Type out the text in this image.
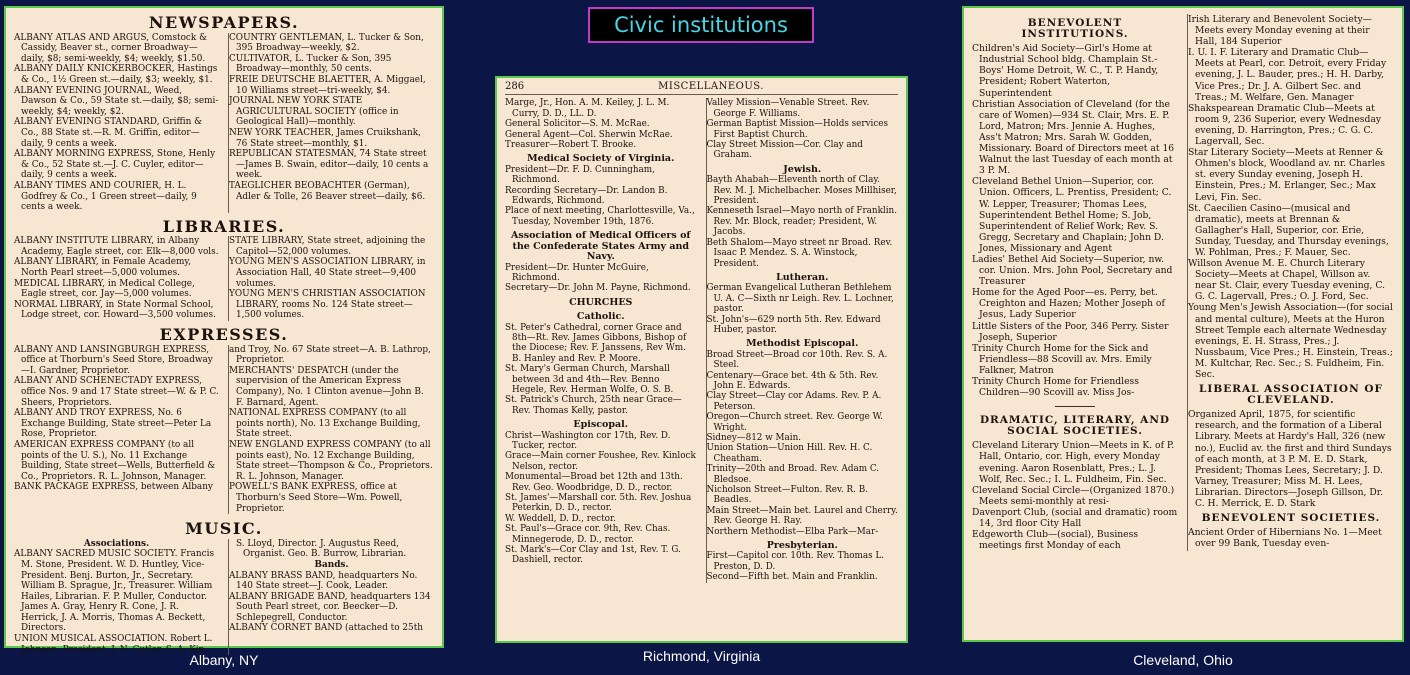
Civic institutions
NEWSPAPERS.
ALBANY ATLAS AND ARGUS, Comstock & Cassidy, Beaver st., corner Broadway—daily, $8; semi-weekly, $4; weekly, $1.50.
ALBANY DAILY KNICKERBOCKER, Hastings & Co., 1½ Green st.—daily, $3; weekly, $1.
ALBANY EVENING JOURNAL, Weed, Dawson & Co., 59 State st.—daily, $8; semi-weekly, $4; weekly, $2.
ALBANY EVENING STANDARD, Griffin & Co., 88 State st.—R. M. Griffin, editor—daily, 9 cents a week.
ALBANY MORNING EXPRESS, Stone, Henly & Co., 52 State st.—J. C. Cuyler, editor—daily, 9 cents a week.
ALBANY TIMES AND COURIER, H. L. Godfrey & Co., 1 Green street—daily, 9 cents a week.
COUNTRY GENTLEMAN, L. Tucker & Son, 395 Broadway—weekly, $2.
CULTIVATOR, L. Tucker & Son, 395 Broadway—monthly, 50 cents.
FREIE DEUTSCHE BLAETTER, A. Miggael, 10 Williams street—tri-weekly, $4.
JOURNAL NEW YORK STATE AGRICULTURAL SOCIETY (office in Geological Hall)—monthly.
NEW YORK TEACHER, James Cruikshank, 76 State street—monthly, $1.
REPUBLICAN STATESMAN, 74 State street—James B. Swain, editor—daily, 10 cents a week.
TAEGLICHER BEOBACHTER (German), Adler & Tolle, 26 Beaver street—daily, $6.
LIBRARIES.
ALBANY INSTITUTE LIBRARY, in Albany Academy, Eagle street, cor. Elk—8,000 vols.
ALBANY LIBRARY, in Female Academy, North Pearl street—5,000 volumes.
MEDICAL LIBRARY, in Medical College, Eagle street, cor. Jay—5,000 volumes.
NORMAL LIBRARY, in State Normal School, Lodge street, cor. Howard—3,500 volumes.
STATE LIBRARY, State street, adjoining the Capitol—52,000 volumes.
YOUNG MEN'S ASSOCIATION LIBRARY, in Association Hall, 40 State street—9,400 volumes.
YOUNG MEN'S CHRISTIAN ASSOCIATION LIBRARY, rooms No. 124 State street—1,500 volumes.
EXPRESSES.
ALBANY AND LANSINGBURGH EXPRESS, office at Thorburn's Seed Store, Broadway—I. Gardner, Proprietor.
ALBANY AND SCHENECTADY EXPRESS, office Nos. 9 and 17 State street—W. & P. C. Sheers, Proprietors.
ALBANY AND TROY EXPRESS, No. 6 Exchange Building, State street—Peter La Rose, Proprietor.
AMERICAN EXPRESS COMPANY (to all points of the U. S.), No. 11 Exchange Building, State street—Wells, Butterfield & Co., Proprietors. R. L. Johnson, Manager.
BANK PACKAGE EXPRESS, between Albany
and Troy, No. 67 State street—A. B. Lathrop, Proprietor.
MERCHANTS' DESPATCH (under the supervision of the American Express Company), No. 1 Clinton avenue—John B. F. Barnard, Agent.
NATIONAL EXPRESS COMPANY (to all points north), No. 13 Exchange Building, State street.
NEW ENGLAND EXPRESS COMPANY (to all points east), No. 12 Exchange Building, State street—Thompson & Co., Proprietors. R. L. Johnson, Manager.
POWELL'S BANK EXPRESS, office at Thorburn's Seed Store—Wm. Powell, Proprietor.
MUSIC.
Associations.
ALBANY SACRED MUSIC SOCIETY. Francis M. Stone, President. W. D. Huntley, Vice-President. Benj. Burton, Jr., Secretary. William B. Sprague, Jr., Treasurer. William Hailes, Librarian. F. P. Muller, Conductor. James A. Gray, Henry R. Cone, J. R. Herrick, J. A. Morris, Thomas A. Beckett, Directors.
UNION MUSICAL ASSOCIATION. Robert L. Johnson, President. J. N. Cutler, S. A. Kin-
S. Lloyd, Director. J. Augustus Reed, Organist. Geo. B. Burrow, Librarian.
Bands.
ALBANY BRASS BAND, headquarters No. 140 State street—J. Cook, Leader.
ALBANY BRIGADE BAND, headquarters 134 South Pearl street, cor. Beecker—D. Schlepegrell, Conductor.
ALBANY CORNET BAND (attached to 25th
286	MISCELLANEOUS.
Marge, Jr., Hon. A. M. Keiley, J. L. M. Curry, D. D., LL. D.
General Solicitor—S. M. McRae.
General Agent—Col. Sherwin McRae.
Treasurer—Robert T. Brooke.
Medical Society of Virginia.
President—Dr. F. D. Cunningham, Richmond.
Recording Secretary—Dr. Landon B. Edwards, Richmond.
Place of next meeting, Charlottesville, Va., Tuesday, November 19th, 1876.
Association of Medical Officers of the Confederate States Army and Navy.
President—Dr. Hunter McGuire, Richmond.
Secretary—Dr. John M. Payne, Richmond.
CHURCHES
Catholic.
St. Peter's Cathedral, corner Grace and 8th—Rt. Rev. James Gibbons, Bishop of the Diocese; Rev. F. Janssens, Rev Wm. B. Hanley and Rev. P. Moore.
St. Mary's German Church, Marshall between 3d and 4th—Rev. Benno Hegele, Rev. Herman Wolfe, O. S. B.
St. Patrick's Church, 25th near Grace—Rev. Thomas Kelly, pastor.
Episcopal.
Christ—Washington cor 17th, Rev. D. Tucker, rector.
Grace—Main corner Foushee, Rev. Kinlock Nelson, rector.
Monumental—Broad bet 12th and 13th. Rev. Geo. Woodbridge, D. D., rector.
St. James'—Marshall cor. 5th. Rev. Joshua Peterkin, D. D., rector.
W. Weddell, D. D., rector.
St. Paul's—Grace cor. 9th, Rev. Chas. Minnegerode, D. D., rector.
St. Mark's—Cor Clay and 1st, Rev. T. G. Dashiell, rector.
Valley Mission—Venable Street. Rev. George F. Williams.
German Baptist Mission—Holds services First Baptist Church.
Clay Street Mission—Cor. Clay and Graham.
Jewish.
Bayth Ahabah—Eleventh north of Clay. Rev. M. J. Michelbacher. Moses Millhiser, President.
Kenneseth Israel—Mayo north of Franklin. Rev. Mr. Block, reader; President, W. Jacobs.
Beth Shalom—Mayo street nr Broad. Rev. Isaac P. Mendez. S. A. Winstock, President.
Lutheran.
German Evangelical Lutheran Bethlehem U. A. C—Sixth nr Leigh. Rev. L. Lochner, pastor.
St. John's—629 north 5th. Rev. Edward Huber, pastor.
Methodist Episcopal.
Broad Street—Broad cor 10th. Rev. S. A. Steel.
Centenary—Grace bet. 4th & 5th. Rev. John E. Edwards.
Clay Street—Clay cor Adams. Rev. P. A. Peterson.
Oregon—Church street. Rev. George W. Wright.
Sidney—812 w Main.
Union Station—Union Hill. Rev. H. C. Cheatham.
Trinity—20th and Broad. Rev. Adam C. Bledsoe.
Nicholson Street—Fulton. Rev. R. B. Beadles.
Main Street—Main bet. Laurel and Cherry. Rev. George H. Ray.
Northern Methodist—Elba Park—Mar-
Presbyterian.
First—Capitol cor. 10th. Rev. Thomas L. Preston, D. D.
Second—Fifth bet. Main and Franklin.
BENEVOLENT INSTITUTIONS.
Children's Aid Society—Girl's Home at Industrial School bldg. Champlain St.-Boys' Home Detroit, W. C., T. P. Handy, President; Robert Waterton, Superintendent
Christian Association of Cleveland (for the care of Women)—934 St. Clair, Mrs. E. P. Lord, Matron; Mrs. Jennie A. Hughes, Ass't Matron; Mrs. Sarah W. Godden, Missionary. Board of Directors meet at 16 Walnut the last Tuesday of each month at 3 P. M.
Cleveland Bethel Union—Superior, cor. Union. Officers, L. Prentiss, President; C. W. Lepper, Treasurer; Thomas Lees, Superintendent Bethel Home; S. Job, Superintendent of Relief Work; Rev. S. Gregg, Secretary and Chaplain; John D. Jones, Missionary and Agent
Ladies' Bethel Aid Society—Superior, nw. cor. Union. Mrs. John Pool, Secretary and Treasurer
Home for the Aged Poor—es. Perry, bet. Creighton and Hazen; Mother Joseph of Jesus, Lady Superior
Little Sisters of the Poor, 346 Perry. Sister Joseph, Superior
Trinity Church Home for the Sick and Friendless—88 Scovill av. Mrs. Emily Falkner, Matron
Trinity Church Home for Friendless Children—90 Scovill av. Miss Jos-
DRAMATIC, LITERARY, AND SOCIAL SOCIETIES.
Cleveland Literary Union—Meets in K. of P. Hall, Ontario, cor. High, every Monday evening. Aaron Rosenblatt, Pres.; L. J. Wolf, Rec. Sec.; I. L. Fuldheim, Fin. Sec.
Cleveland Social Circle—(Organized 1870.) Meets semi-monthly at resi-
Davenport Club, (social and dramatic) room 14, 3rd floor City Hall
Edgeworth Club—(social), Business meetings first Monday of each
Irish Literary and Benevolent Society—Meets every Monday evening at their Hall, 184 Superior
I. U. I. F. Literary and Dramatic Club—Meets at Pearl, cor. Detroit, every Friday evening, J. L. Bauder, pres.; H. H. Darby, Vice Pres.; Dr. J. A. Gilbert Sec. and Treas.; M. Welfare, Gen. Manager
Shakspearean Dramatic Club—Meets at room 9, 236 Superior, every Wednesday evening, D. Harrington, Pres.; C. G. C. Lagervall, Sec.
Star Literary Society—Meets at Renner & Ohmen's block, Woodland av. nr. Charles st. every Sunday evening, Joseph H. Einstein, Pres.; M. Erlanger, Sec.; Max Levi, Fin. Sec.
St. Caecilien Casino—(musical and dramatic), meets at Brennan & Gallagher's Hall, Superior, cor. Erie, Sunday, Tuesday, and Thursday evenings, W. Pohlman, Pres.; F. Mauer, Sec.
Willson Avenue M. E. Church Literary Society—Meets at Chapel, Willson av. near St. Clair, every Tuesday evening, C. G. C. Lagervall, Pres.; O. J. Ford, Sec.
Young Men's Jewish Association—(for social and mental culture), Meets at the Huron Street Temple each alternate Wednesday evenings, E. H. Strass, Pres.; J. Nussbaum, Vice Pres.; H. Einstein, Treas.; M. Kultchar, Rec. Sec.; S. Fuldheim, Fin. Sec.
LIBERAL ASSOCIATION OF CLEVELAND.
Organized April, 1875, for scientific research, and the formation of a Liberal Library. Meets at Hardy's Hall, 326 (new no.), Euclid av. the first and third Sundays of each month, at 3 P. M. E. D. Stark, President; Thomas Lees, Secretary; J. D. Varney, Treasurer; Miss M. H. Lees, Librarian. Directors—Joseph Gillson, Dr. C. H. Merrick, E. D. Stark
BENEVOLENT SOCIETIES.
Ancient Order of Hibernians No. 1—Meet over 99 Bank, Tuesday even-
Albany, NY	Richmond, Virginia	Cleveland, Ohio
